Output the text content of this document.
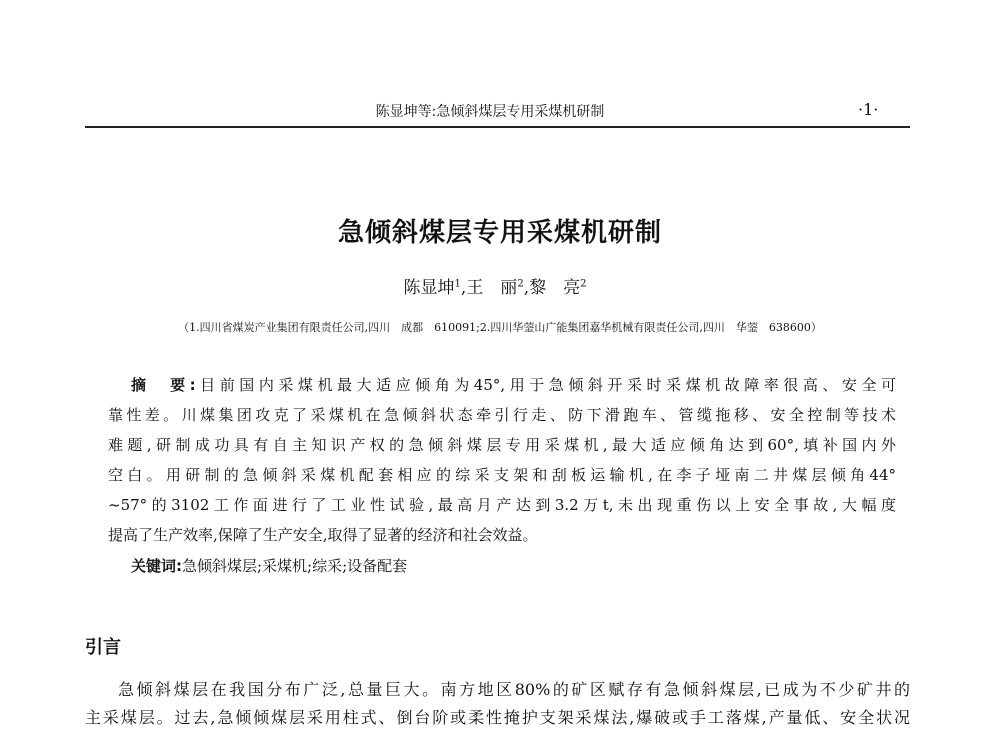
陈显坤等:急倾斜煤层专用采煤机研制	·1·
急倾斜煤层专用采煤机研制
陈显坤$^1$,王　丽$^2$,黎　亮$^2$
（1.四川省煤炭产业集团有限责任公司,四川　成都　610091;2.四川华蓥山广能集团嘉华机械有限责任公司,四川　华蓥　638600）
摘　要:目前国内采煤机最大适应倾角为45°,用于急倾斜开采时采煤机故障率很高、安全可
靠性差。川煤集团攻克了采煤机在急倾斜状态牵引行走、防下滑跑车、管缆拖移、安全控制等技术
难题,研制成功具有自主知识产权的急倾斜煤层专用采煤机,最大适应倾角达到60°,填补国内外
空白。用研制的急倾斜采煤机配套相应的综采支架和刮板运输机,在李子垭南二井煤层倾角44°
~57°的3102工作面进行了工业性试验,最高月产达到3.2万t,未出现重伤以上安全事故,大幅度
提高了生产效率,保障了生产安全,取得了显著的经济和社会效益。
关键词:急倾斜煤层;采煤机;综采;设备配套
引言
急倾斜煤层在我国分布广泛,总量巨大。南方地区80%的矿区赋存有急倾斜煤层,已成为不少矿井的
主采煤层。过去,急倾倾煤层采用柱式、倒台阶或柔性掩护支架采煤法,爆破或手工落煤,产量低、安全状况
